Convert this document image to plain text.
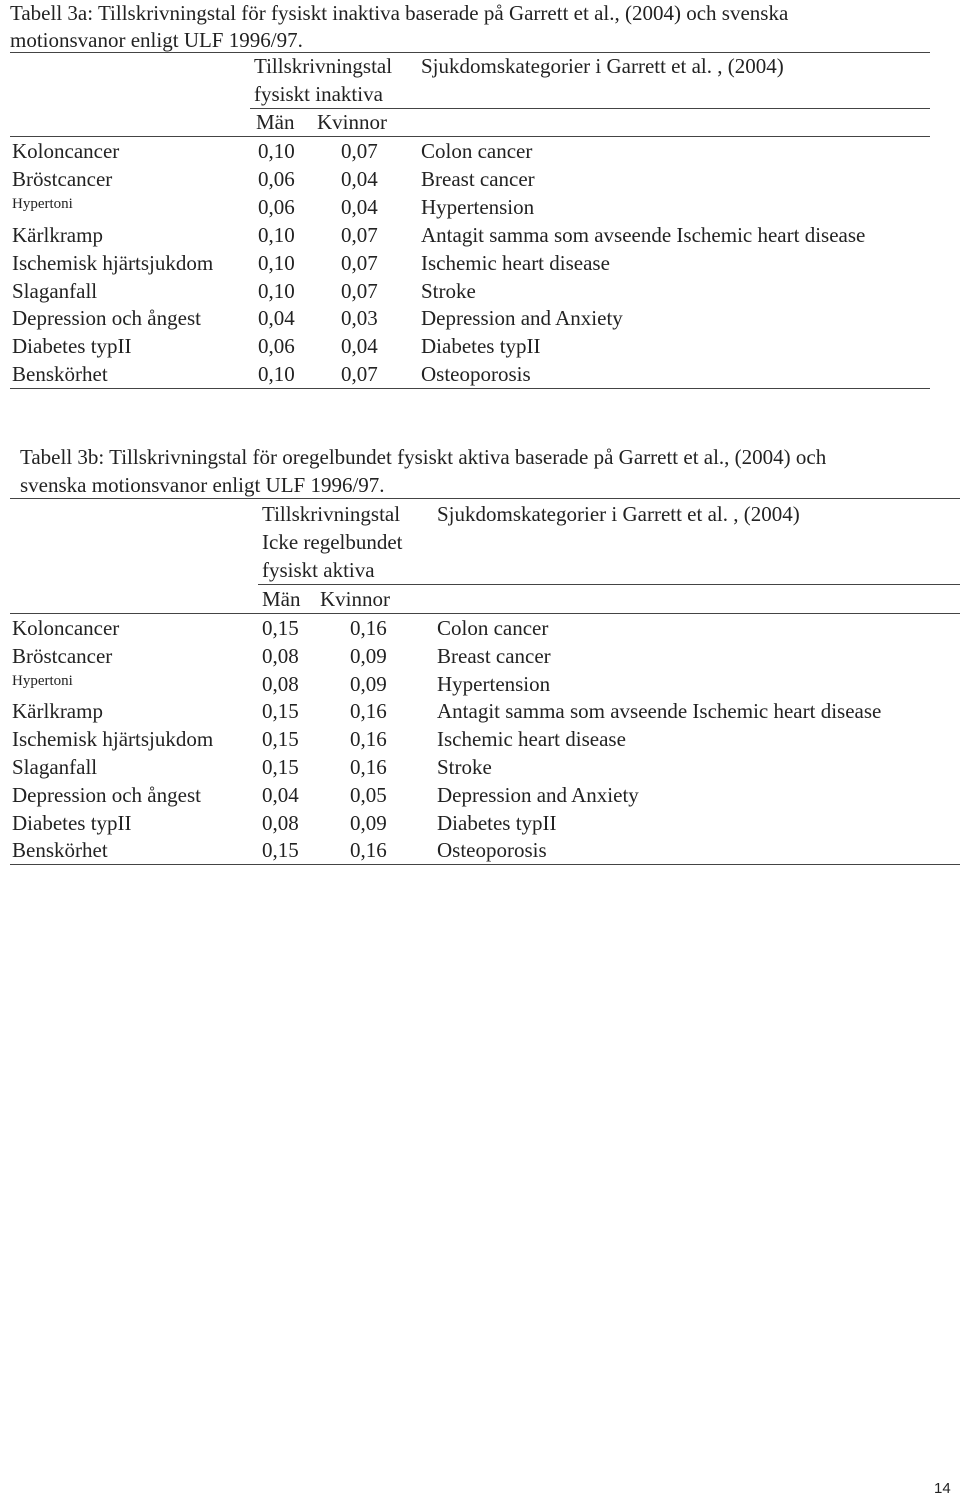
Tabell 3a: Tillskrivningstal för fysiskt inaktiva baserade på Garrett et al., (2004) och svenska
motionsvanor enligt ULF 1996/97.
Tillskrivningstal Sjukdomskategorier i Garrett et al. , (2004)
fysiskt inaktiva
Män Kvinnor
Koloncancer	0,10 0,07 Colon cancer
Bröstcancer	0,06 0,04 Breast cancer
Hypertoni	0,06 0,04 Hypertension
Kärlkramp	0,10 0,07 Antagit samma som avseende Ischemic heart disease
Ischemisk hjärtsjukdom 0,10 0,07 Ischemic heart disease
Slaganfall	0,10 0,07 Stroke
Depression och ångest	0,04 0,03 Depression and Anxiety
Diabetes typII	0,06 0,04 Diabetes typII
Benskörhet	0,10 0,07 Osteoporosis
Tabell 3b: Tillskrivningstal för oregelbundet fysiskt aktiva baserade på Garrett et al., (2004) och
svenska motionsvanor enligt ULF 1996/97.
Tillskrivningstal Sjukdomskategorier i Garrett et al. , (2004)
Icke regelbundet
fysiskt aktiva
Män Kvinnor
Koloncancer	0,15 0,16 Colon cancer
Bröstcancer	0,08 0,09 Breast cancer
Hypertoni	0,08 0,09 Hypertension
Kärlkramp	0,15 0,16 Antagit samma som avseende Ischemic heart disease
Ischemisk hjärtsjukdom 0,15 0,16 Ischemic heart disease
Slaganfall	0,15 0,16 Stroke
Depression och ångest	0,04 0,05 Depression and Anxiety
Diabetes typII	0,08 0,09 Diabetes typII
Benskörhet	0,15 0,16 Osteoporosis
14
